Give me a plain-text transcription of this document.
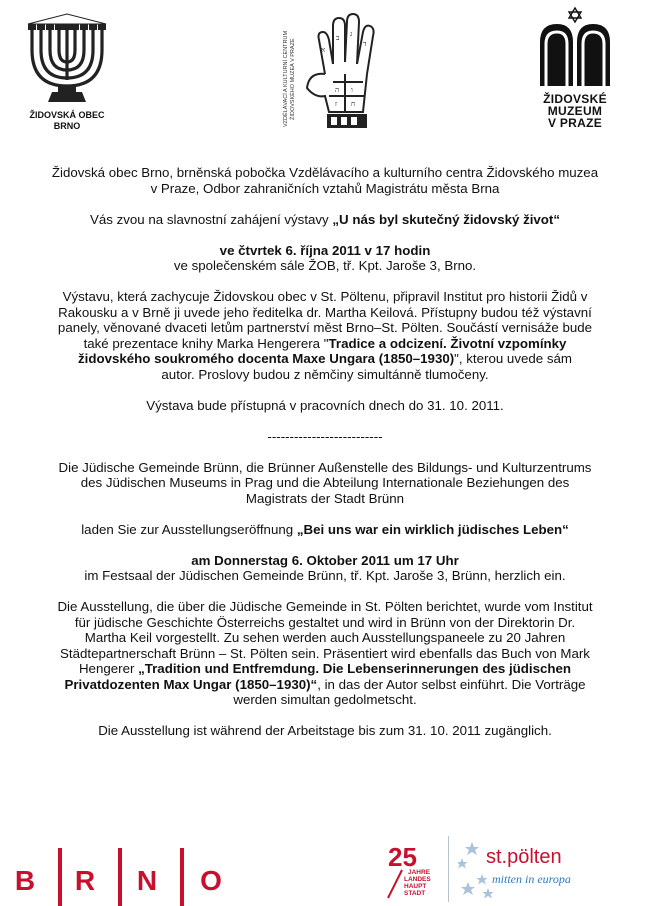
ŽIDOVSKÁ OBEC
BRNO	VZDĚLÁVACÍ A KULTURNÍ CENTRUM ŽIDOVSKÉHO MUZEA V PRAZE	א
ב ג
ד
ה ו
ז ח	ŽIDOVSKÉ
MUZEUM
V PRAZE

Židovská obec Brno, brněnská pobočka Vzdělávacího a kulturního centra Židovského muzea

v Praze, Odbor zahraničních vztahů Magistrátu města Brna

Vás zvou na slavnostní zahájení výstavy „U nás byl skutečný židovský život“

ve čtvrtek 6. října 2011 v 17 hodin

ve společenském sále ŽOB, tř. Kpt. Jaroše 3, Brno.

Výstavu, která zachycuje Židovskou obec v St. Pöltenu, připravil Institut pro historii Židů v

Rakousku a v Brně ji uvede jeho ředitelka dr. Martha Keilová. Přístupny budou též výstavní

panely, věnované dvaceti letům partnerství měst Brno–St. Pölten. Součástí vernisáže bude

také prezentace knihy Marka Hengerera "Tradice a odcizení. Životní vzpomínky

židovského soukromého docenta Maxe Ungara (1850–1930)", kterou uvede sám

autor. Proslovy budou z němčiny simultánně tlumočeny.

Výstava bude přístupná v pracovních dnech do 31. 10. 2011.

--------------------------

Die Jüdische Gemeinde Brünn, die Brünner Außenstelle des Bildungs- und Kulturzentrums

des Jüdischen Museums in Prag und die Abteilung Internationale Beziehungen des

Magistrats der Stadt Brünn

laden Sie zur Ausstellungseröffnung „Bei uns war ein wirklich jüdisches Leben“

am Donnerstag 6. Oktober 2011 um 17 Uhr

im Festsaal der Jüdischen Gemeinde Brünn, tř. Kpt. Jaroše 3, Brünn, herzlich ein.

Die Ausstellung, die über die Jüdische Gemeinde in St. Pölten berichtet, wurde vom Institut

für jüdische Geschichte Österreichs gestaltet und wird in Brünn von der Direktorin Dr.

Martha Keil vorgestellt. Zu sehen werden auch Ausstellungspaneele zu 20 Jahren

Städtepartnerschaft Brünn – St. Pölten sein. Präsentiert wird ebenfalls das Buch von Mark

Hengerer „Tradition und Entfremdung. Die Lebenserinnerungen des jüdischen

Privatdozenten Max Ungar (1850–1930)“, in das der Autor selbst einführt. Die Vorträge

werden simultan gedolmetscht.

Die Ausstellung ist während der Arbeitstage bis zum 31. 10. 2011 zugänglich.

B R N O
25
JAHRE
LANDES
HAUPT
STADT
st.pölten
mitten in europa
